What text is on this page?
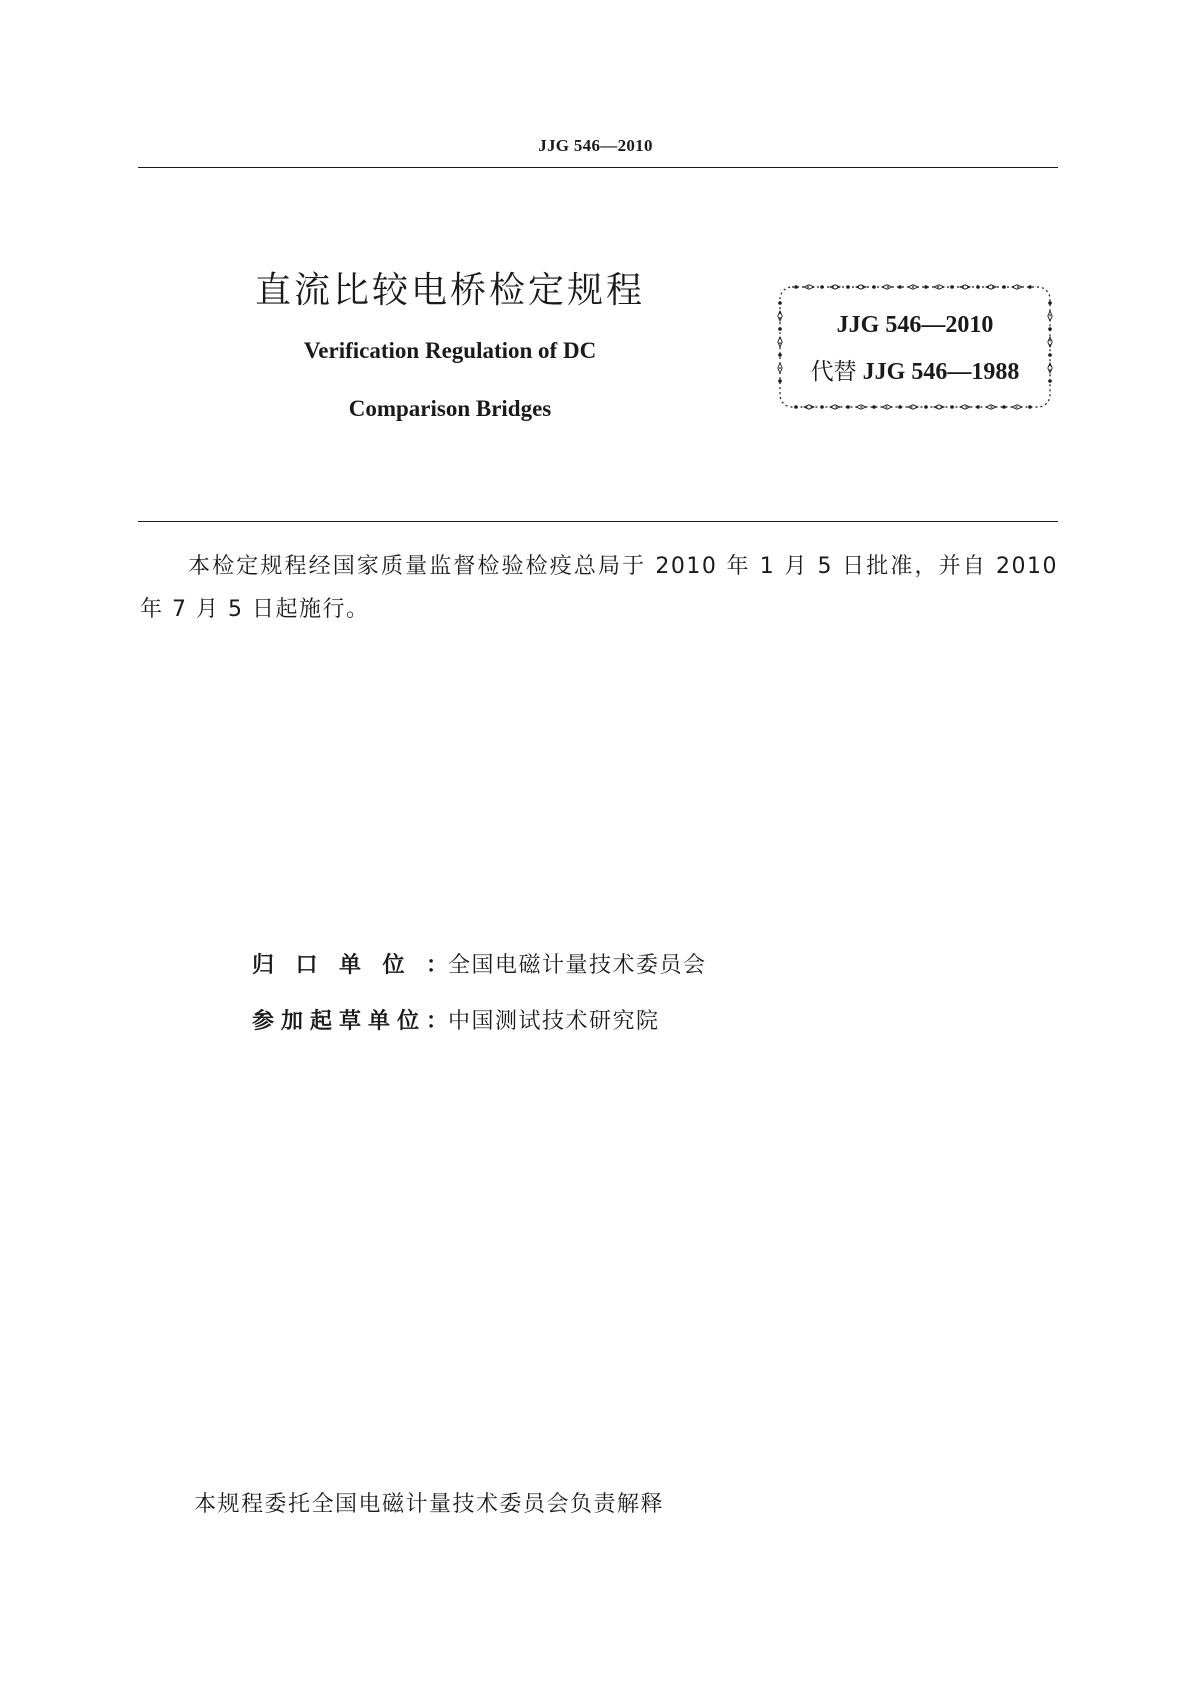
JJG 546—2010
直流比较电桥检定规程
Verification Regulation of DC
Comparison Bridges
JJG 546—2010
代替 JJG 546—1988
本检定规程经国家质量监督检验检疫总局于 2010 年 1 月 5 日批准，并自 2010 年 7 月 5 日起施行。
归口单位：全国电磁计量技术委员会
参加起草单位：中国测试技术研究院
本规程委托全国电磁计量技术委员会负责解释
